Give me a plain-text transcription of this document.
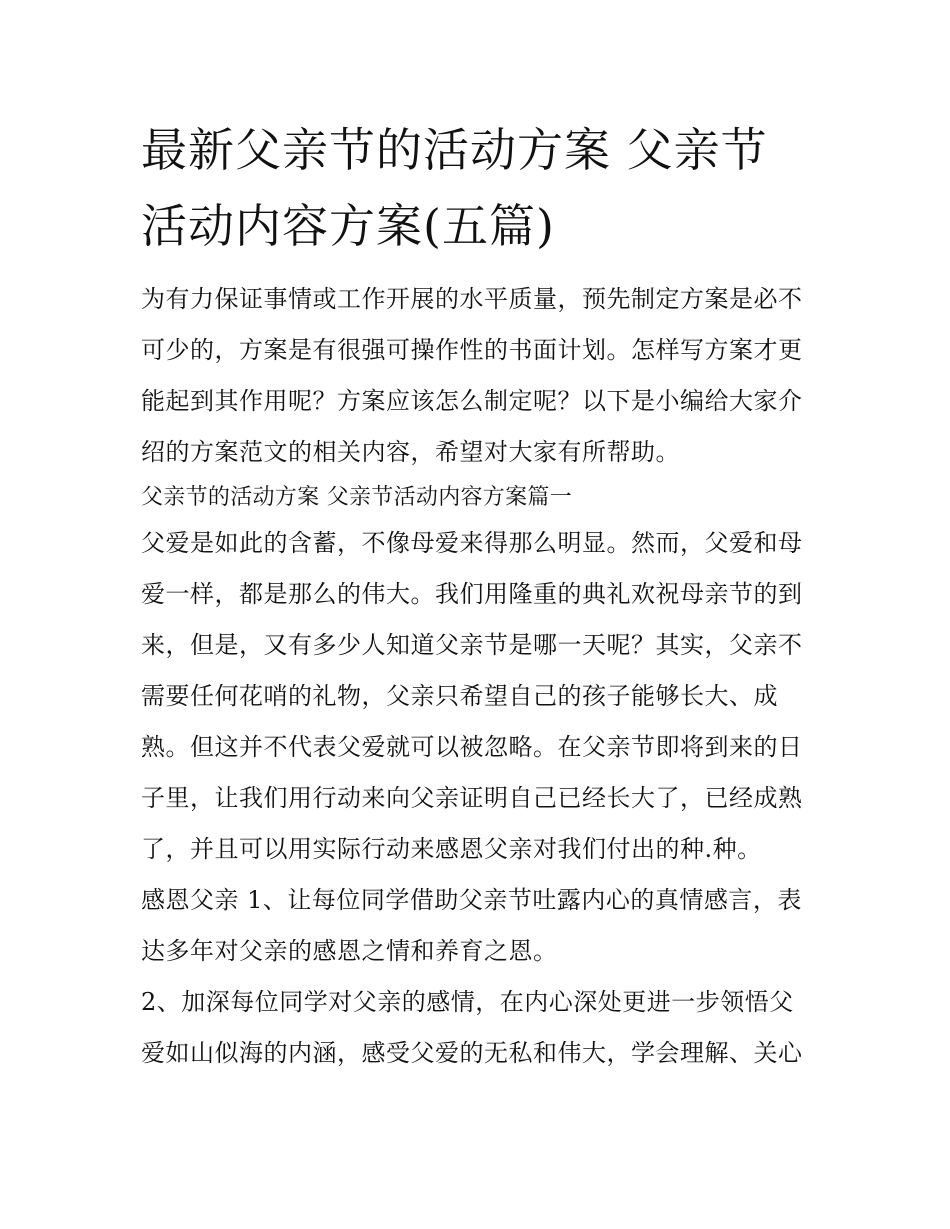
最新父亲节的活动方案 父亲节
活动内容方案(五篇)

为有力保证事情或工作开展的水平质量，预先制定方案是必不可少的，方案是有很强可操作性的书面计划。怎样写方案才更能起到其作用呢？方案应该怎么制定呢？以下是小编给大家介绍的方案范文的相关内容，希望对大家有所帮助。

父亲节的活动方案 父亲节活动内容方案篇一

父爱是如此的含蓄，不像母爱来得那么明显。然而，父爱和母爱一样，都是那么的伟大。我们用隆重的典礼欢祝母亲节的到来，但是，又有多少人知道父亲节是哪一天呢？其实，父亲不需要任何花哨的礼物，父亲只希望自己的孩子能够长大、成熟。但这并不代表父爱就可以被忽略。在父亲节即将到来的日子里，让我们用行动来向父亲证明自己已经长大了，已经成熟了，并且可以用实际行动来感恩父亲对我们付出的种.种。

感恩父亲 1、让每位同学借助父亲节吐露内心的真情感言，表达多年对父亲的感恩之情和养育之恩。

2、加深每位同学对父亲的感情，在内心深处更进一步领悟父爱如山似海的内涵，感受父爱的无私和伟大，学会理解、关心
